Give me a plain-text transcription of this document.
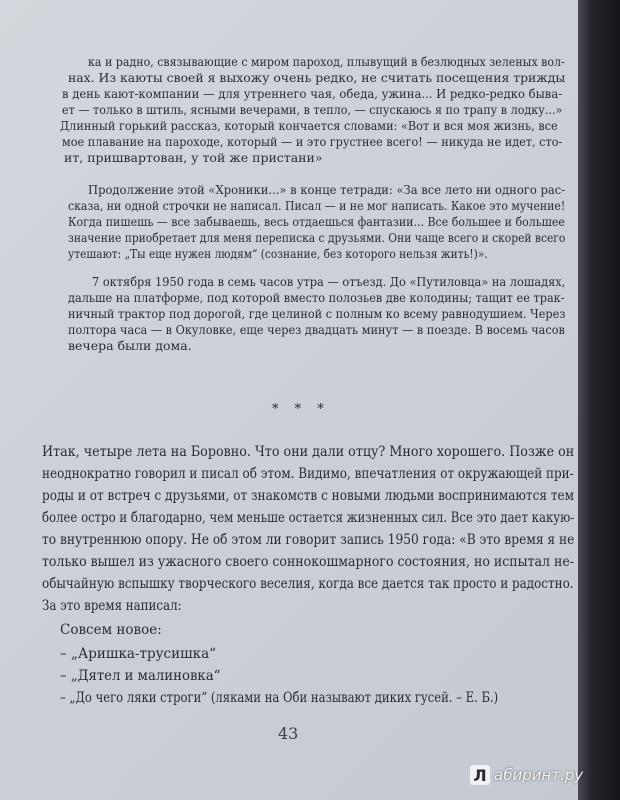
ка и радно, связывающие с миром пароход, плывущий в безлюдных зеленых вол-
нах. Из каюты своей я выхожу очень редко, не считать посещения трижды
в день кают-компании — для утреннего чая, обеда, ужина... И редко-редко быва-
ет — только в штиль, ясными вечерами, в тепло, — спускаюсь я по трапу в лодку...»
Длинный горький рассказ, который кончается словами: «Вот и вся моя жизнь, все
мое плавание на пароходе, который — и это грустнее всего! — никуда не идет, сто-
ит, пришвартован, у той же пристани»
Продолжение этой «Хроники...» в конце тетради: «За все лето ни одного рас-
сказа, ни одной строчки не написал. Писал — и не мог написать. Какое это мучение!
Когда пишешь — все забываешь, весь отдаешься фантазии... Все большее и большее
значение приобретает для меня переписка с друзьями. Они чаще всего и скорей всего
утешают: „Ты еще нужен людям“ (сознание, без которого нельзя жить!)».
7 октября 1950 года в семь часов утра — отъезд. До «Путиловца» на лошадях,
дальше на платформе, под которой вместо полозьев две колодины; тащит ее трак-
ничный трактор под дорогой, где целиной с полным ко всему равнодушием. Через
полтора часа — в Окуловке, еще через двадцать минут — в поезде. В восемь часов
вечера были дома.
* * *
Итак, четыре лета на Боровно. Что они дали отцу? Много хорошего. Позже он
неоднократно говорил и писал об этом. Видимо, впечатления от окружающей при-
роды и от встреч с друзьями, от знакомств с новыми людьми воспринимаются тем
более остро и благодарно, чем меньше остается жизненных сил. Все это дает какую-
то внутреннюю опору. Не об этом ли говорит запись 1950 года: «В это время я не
только вышел из ужасного своего соннокошмарного состояния, но испытал не-
обычайную вспышку творческого веселия, когда все дается так просто и радостно.
За это время написал:
Совсем новое:
– „Аришка-трусишка“
– „Дятел и малиновка“
– „До чего ляки строги“ (ляками на Оби называют диких гусей. – Е. Б.)
43
Л абиринт.ру
